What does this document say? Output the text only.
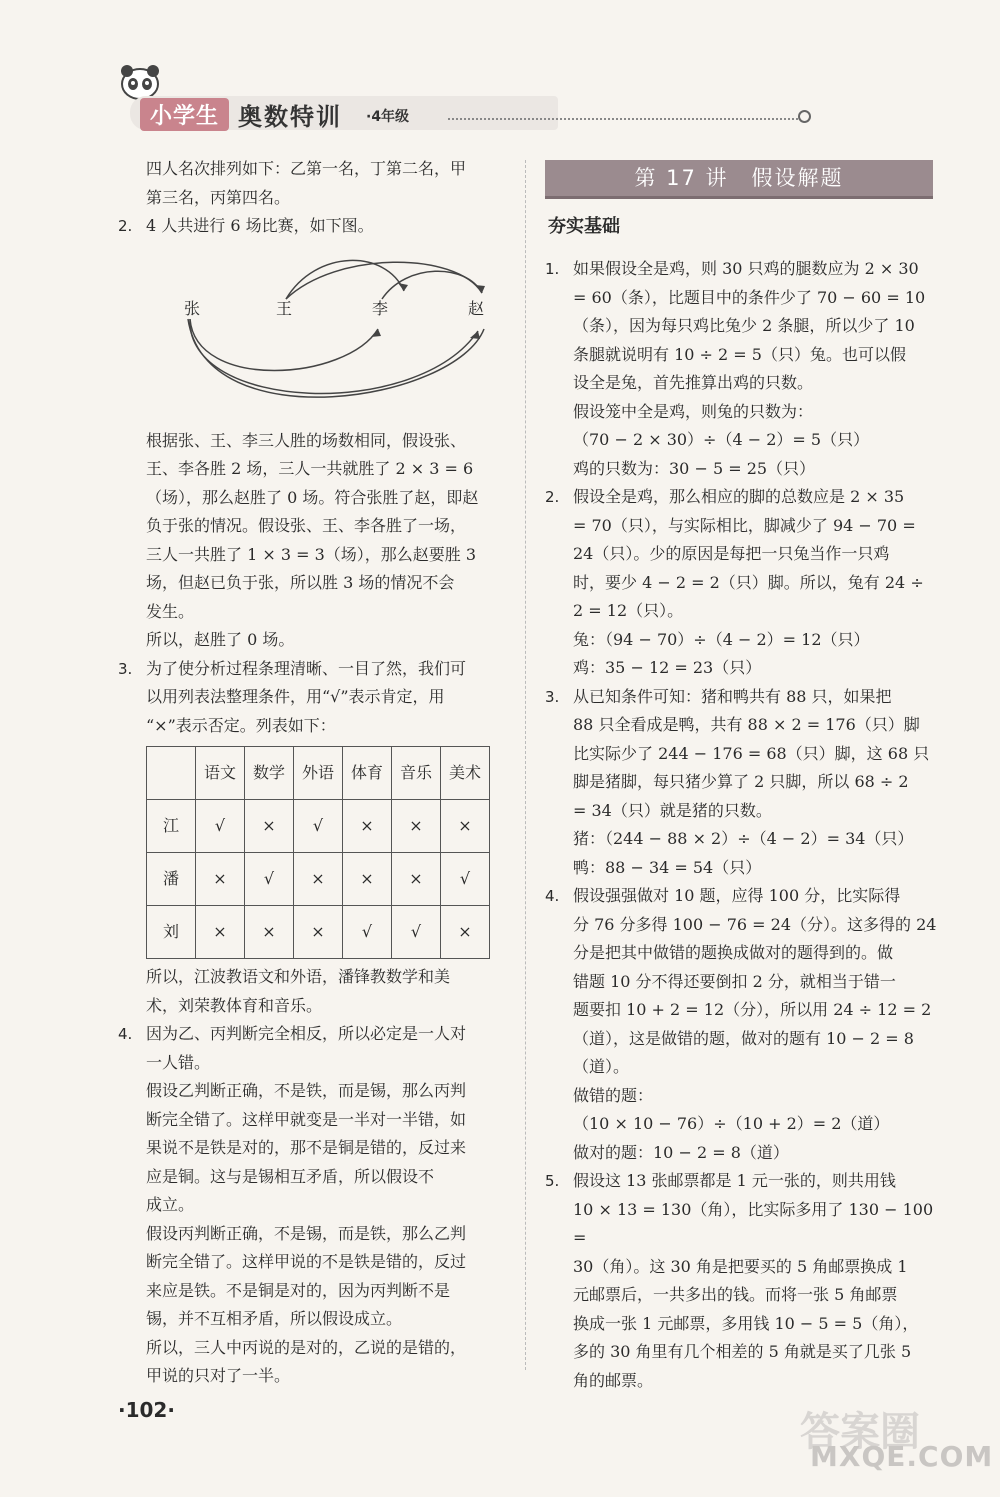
小学生 奥数特训 ·4年级

四人名次排列如下：乙第一名，丁第二名，甲

第三名，丙第四名。

2. 4 人共进行 6 场比赛，如下图。

张	王	李	赵

根据张、王、李三人胜的场数相同，假设张、

王、李各胜 2 场，三人一共就胜了 2 × 3 = 6

（场），那么赵胜了 0 场。符合张胜了赵，即赵

负于张的情况。假设张、王、李各胜了一场，

三人一共胜了 1 × 3 = 3（场），那么赵要胜 3

场，但赵已负于张，所以胜 3 场的情况不会

发生。

所以，赵胜了 0 场。

3. 为了使分析过程条理清晰、一目了然，我们可

以用列表法整理条件，用“√”表示肯定，用

“×”表示否定。列表如下：

	语文	数学	外语	体育	音乐	美术
江	√	×	√	×	×	×
潘	×	√	×	×	×	√
刘	×	×	×	√	√	×

所以，江波教语文和外语，潘锋教数学和美

术，刘荣教体育和音乐。

4. 因为乙、丙判断完全相反，所以必定是一人对

一人错。

假设乙判断正确，不是铁，而是锡，那么丙判

断完全错了。这样甲就变是一半对一半错，如

果说不是铁是对的，那不是铜是错的，反过来

应是铜。这与是锡相互矛盾，所以假设不

成立。

假设丙判断正确，不是锡，而是铁，那么乙判

断完全错了。这样甲说的不是铁是错的，反过

来应是铁。不是铜是对的，因为丙判断不是

锡，并不互相矛盾，所以假设成立。

所以，三人中丙说的是对的，乙说的是错的，

甲说的只对了一半。

第 17 讲　假设解题
夯实基础
1. 如果假设全是鸡，则 30 只鸡的腿数应为 2 × 30

= 60（条），比题目中的条件少了 70 − 60 = 10

（条），因为每只鸡比兔少 2 条腿，所以少了 10

条腿就说明有 10 ÷ 2 = 5（只）兔。也可以假

设全是兔，首先推算出鸡的只数。

假设笼中全是鸡，则兔的只数为：

（70 − 2 × 30）÷（4 − 2）= 5（只）

鸡的只数为：30 − 5 = 25（只）

2. 假设全是鸡，那么相应的脚的总数应是 2 × 35

= 70（只），与实际相比，脚减少了 94 − 70 =

24（只）。少的原因是每把一只兔当作一只鸡

时，要少 4 − 2 = 2（只）脚。所以，兔有 24 ÷

2 = 12（只）。

兔：（94 − 70）÷（4 − 2）= 12（只）

鸡：35 − 12 = 23（只）

3. 从已知条件可知：猪和鸭共有 88 只，如果把

88 只全看成是鸭，共有 88 × 2 = 176（只）脚

比实际少了 244 − 176 = 68（只）脚，这 68 只

脚是猪脚，每只猪少算了 2 只脚，所以 68 ÷ 2

= 34（只）就是猪的只数。

猪：（244 − 88 × 2）÷（4 − 2）= 34（只）

鸭：88 − 34 = 54（只）

4. 假设强强做对 10 题，应得 100 分，比实际得

分 76 分多得 100 − 76 = 24（分）。这多得的 24

分是把其中做错的题换成做对的题得到的。做

错题 10 分不得还要倒扣 2 分，就相当于错一

题要扣 10 + 2 = 12（分），所以用 24 ÷ 12 = 2

（道），这是做错的题，做对的题有 10 − 2 = 8

（道）。

做错的题：

（10 × 10 − 76）÷（10 + 2）= 2（道）

做对的题：10 − 2 = 8（道）

5. 假设这 13 张邮票都是 1 元一张的，则共用钱

10 × 13 = 130（角），比实际多用了 130 − 100 =

30（角）。这 30 角是把要买的 5 角邮票换成 1

元邮票后，一共多出的钱。而将一张 5 角邮票

换成一张 1 元邮票，多用钱 10 − 5 = 5（角），

多的 30 角里有几个相差的 5 角就是买了几张 5

角的邮票。

·102·	答案圈
MXQE.COM
